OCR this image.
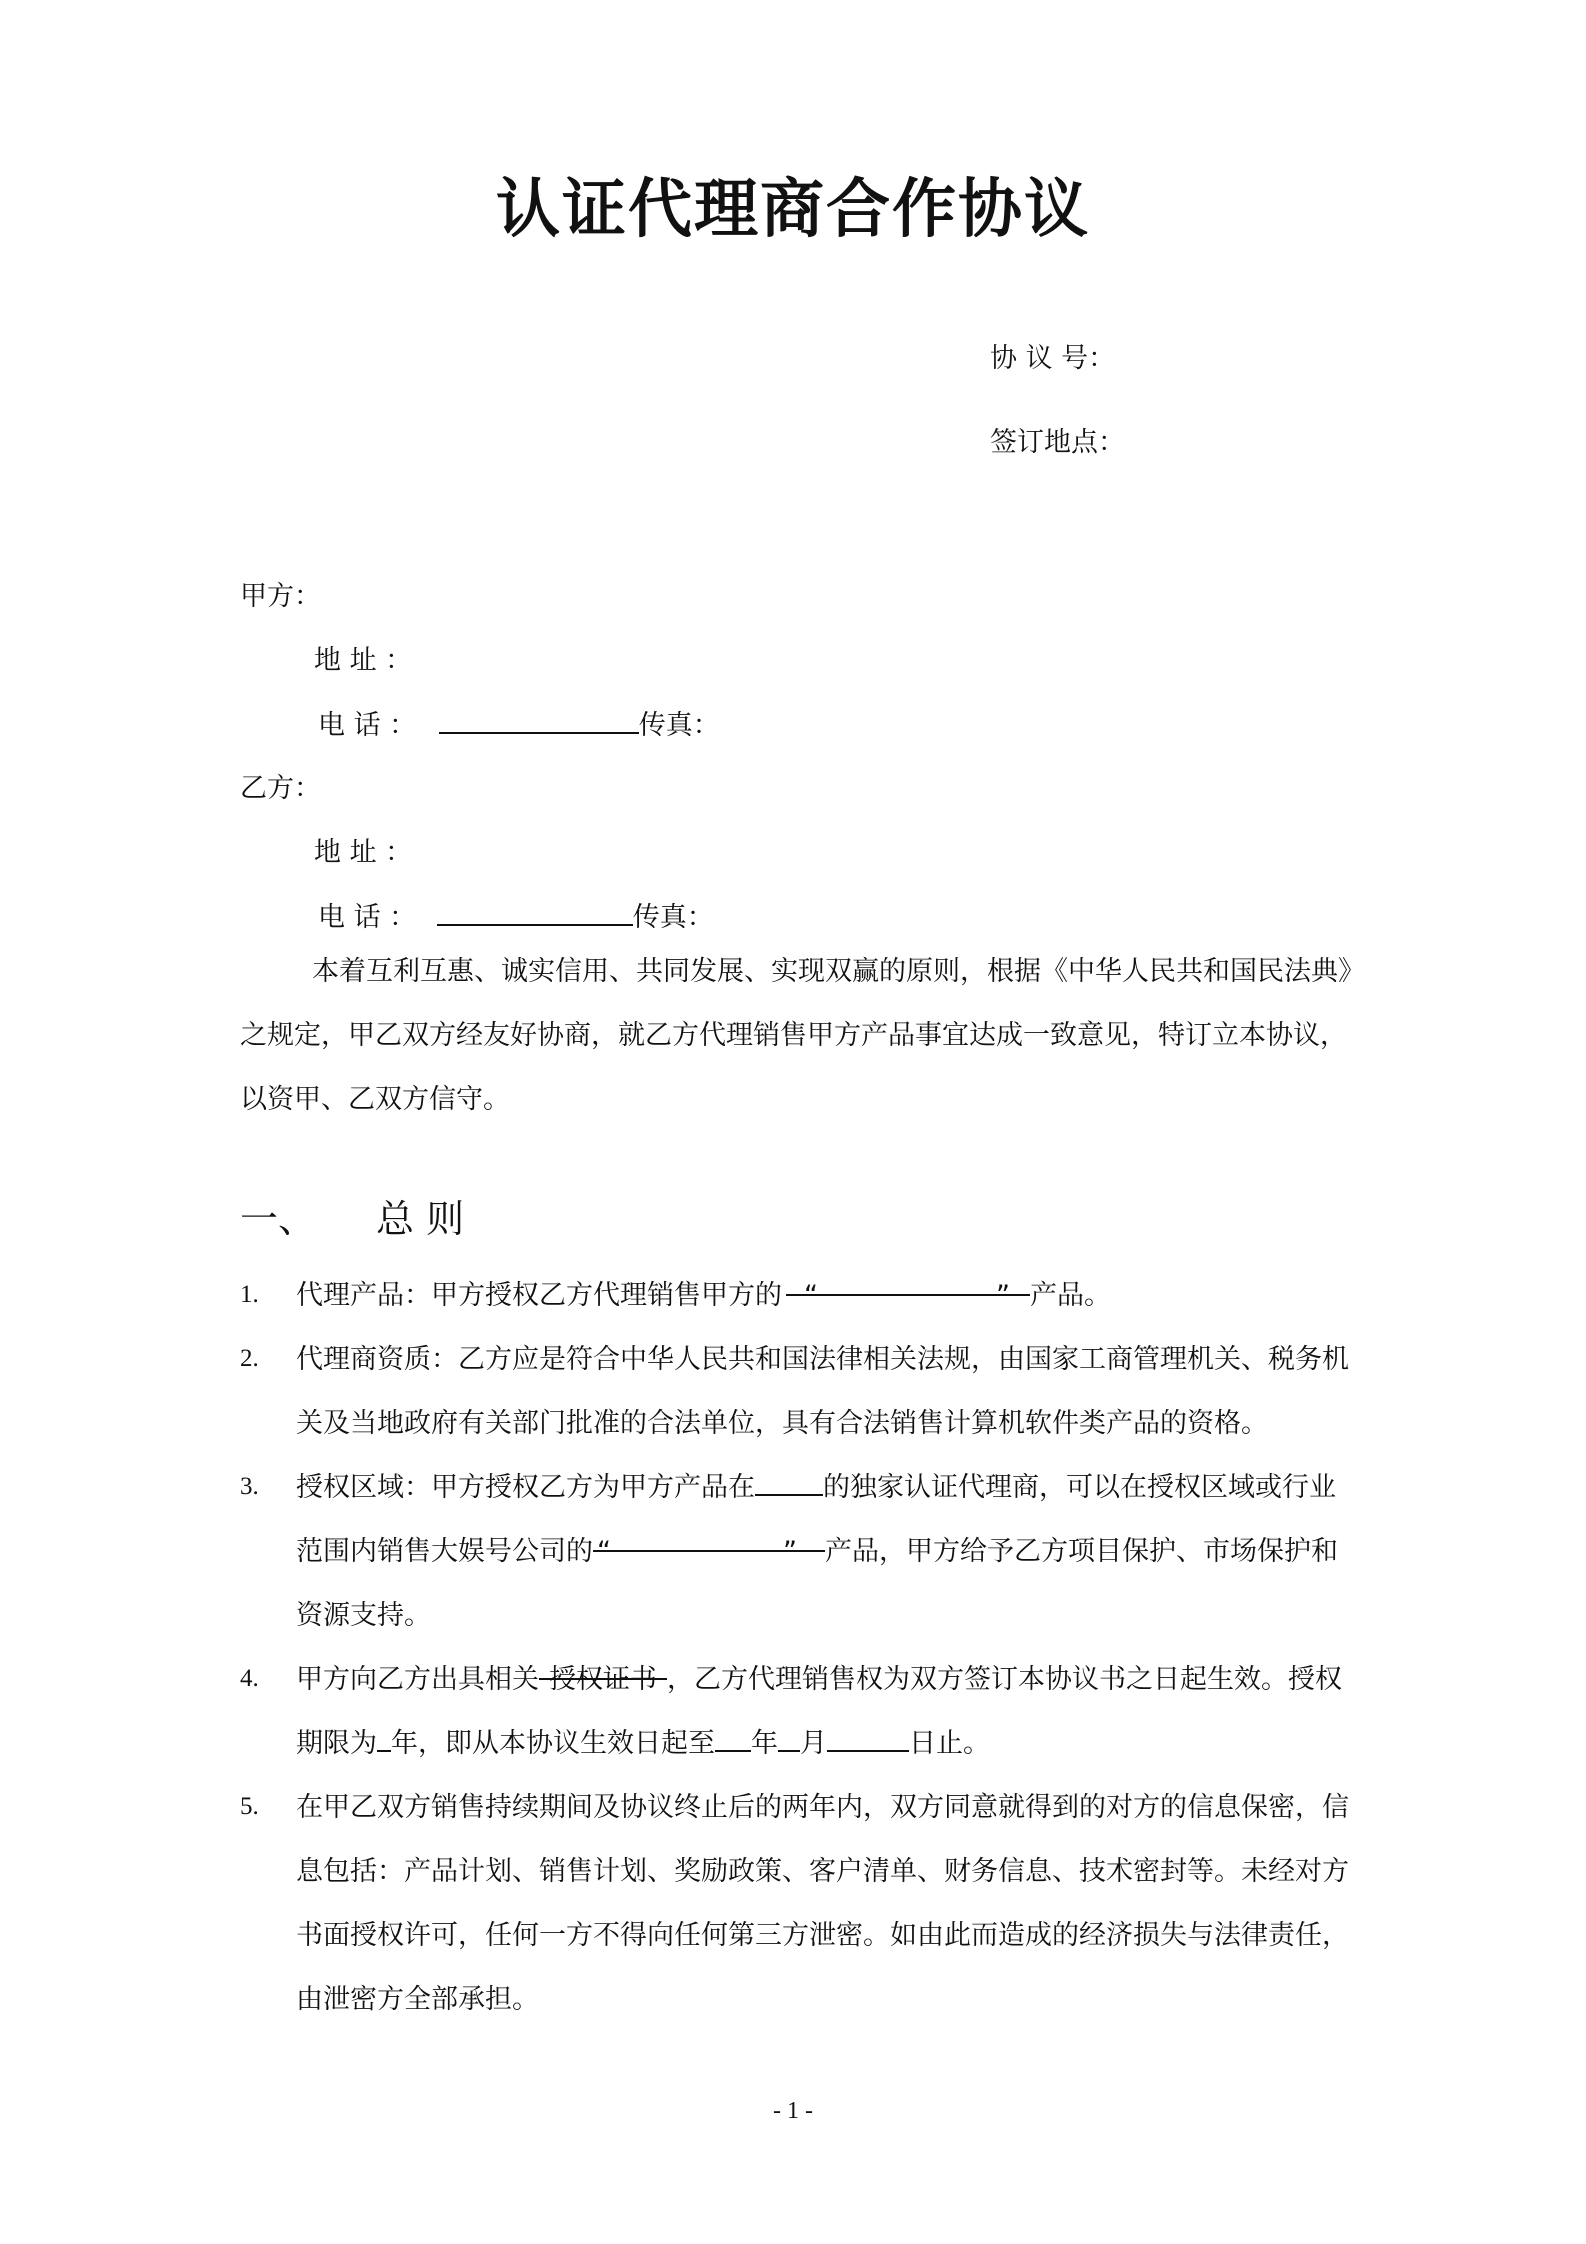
认证代理商合作协议
协 议 号：
签订地点：
甲方：
地 址 ：
电 话 ：	传真：
乙方：
地 址 ：
电 话 ：	传真：
本着互利互惠、诚实信用、共同发展、实现双赢的原则，根据《中华人民共和国民法典》之规定，甲乙双方经友好协商，就乙方代理销售甲方产品事宜达成一致意见，特订立本协议，以资甲、乙双方信守。
一、 总 则
1. 代理产品：甲方授权乙方代理销售甲方的 “	” 产品。
2. 代理商资质：乙方应是符合中华人民共和国法律相关法规，由国家工商管理机关、税务机关及当地政府有关部门批准的合法单位，具有合法销售计算机软件类产品的资格。
3. 授权区域：甲方授权乙方为甲方产品在	的独家认证代理商，可以在授权区域或行业范围内销售大娱号公司的 “	” 产品，甲方给予乙方项目保护、市场保护和资源支持。
4. 甲方向乙方出具相关 授权证书 ，乙方代理销售权为双方签订本协议书之日起生效。授权期限为 年，即从本协议生效日起至 年 月	日止。
5. 在甲乙双方销售持续期间及协议终止后的两年内，双方同意就得到的对方的信息保密，信息包括：产品计划、销售计划、奖励政策、客户清单、财务信息、技术密封等。未经对方书面授权许可，任何一方不得向任何第三方泄密。如由此而造成的经济损失与法律责任，由泄密方全部承担。
- 1 -
